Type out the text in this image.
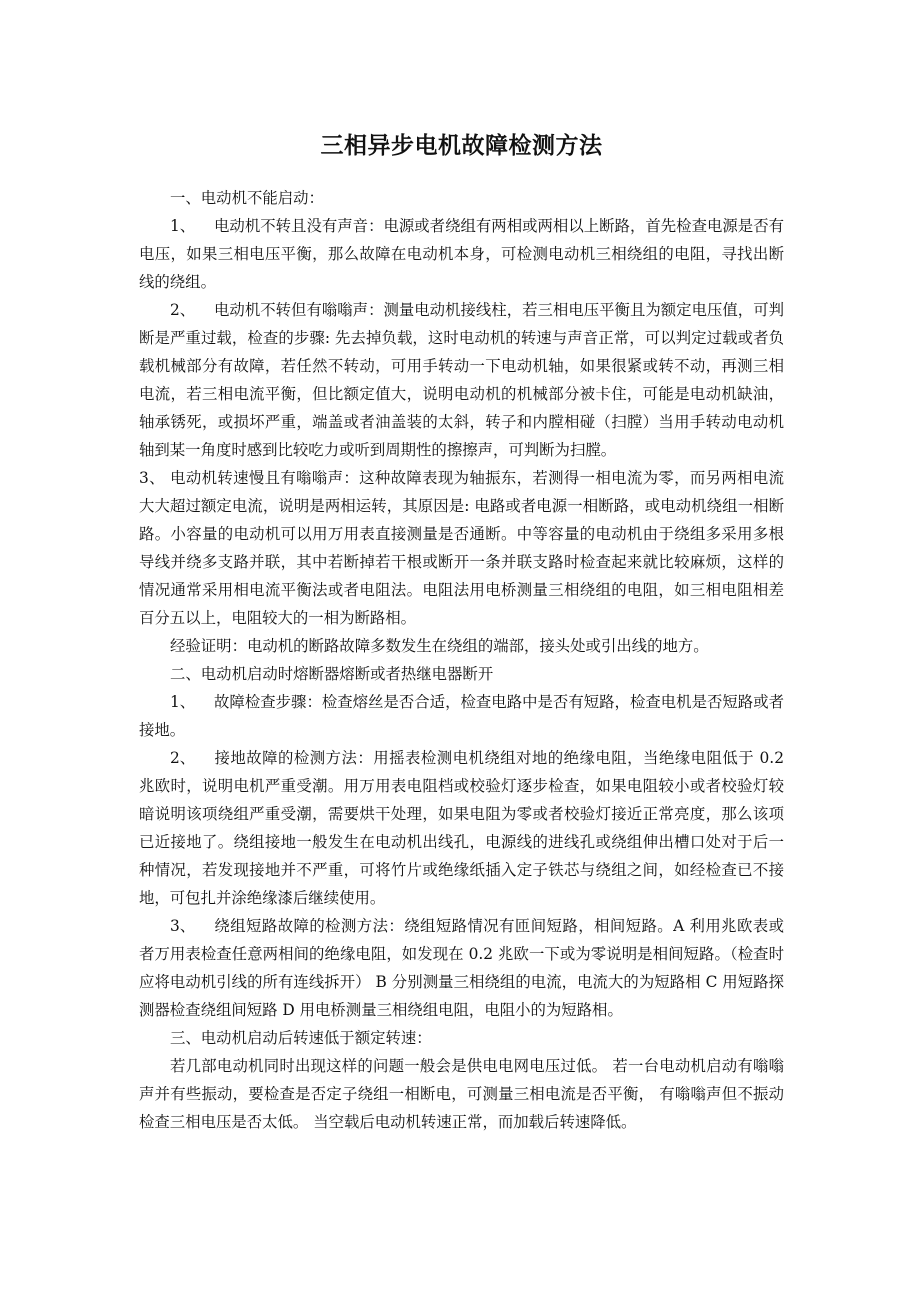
三相异步电机故障检测方法

一、电动机不能启动：

1、 电动机不转且没有声音：电源或者绕组有两相或两相以上断路，首先检查电源是否有电压，如果三相电压平衡，那么故障在电动机本身，可检测电动机三相绕组的电阻，寻找出断线的绕组。

2、 电动机不转但有嗡嗡声：测量电动机接线柱，若三相电压平衡且为额定电压值，可判断是严重过载，检查的步骤: 先去掉负载，这时电动机的转速与声音正常，可以判定过载或者负载机械部分有故障，若任然不转动，可用手转动一下电动机轴，如果很紧或转不动，再测三相电流，若三相电流平衡，但比额定值大，说明电动机的机械部分被卡住，可能是电动机缺油，轴承锈死，或损坏严重，端盖或者油盖装的太斜，转子和内膛相碰（扫膛）当用手转动电动机轴到某一角度时感到比较吃力或听到周期性的擦擦声，可判断为扫膛。

3、 电动机转速慢且有嗡嗡声：这种故障表现为轴振东，若测得一相电流为零，而另两相电流大大超过额定电流，说明是两相运转，其原因是: 电路或者电源一相断路，或电动机绕组一相断路。小容量的电动机可以用万用表直接测量是否通断。中等容量的电动机由于绕组多采用多根导线并绕多支路并联，其中若断掉若干根或断开一条并联支路时检查起来就比较麻烦，这样的情况通常采用相电流平衡法或者电阻法。电阻法用电桥测量三相绕组的电阻，如三相电阻相差百分五以上，电阻较大的一相为断路相。

经验证明：电动机的断路故障多数发生在绕组的端部，接头处或引出线的地方。

二、电动机启动时熔断器熔断或者热继电器断开

1、 故障检查步骤：检查熔丝是否合适，检查电路中是否有短路，检查电机是否短路或者接地。

2、 接地故障的检测方法：用摇表检测电机绕组对地的绝缘电阻，当绝缘电阻低于 0.2 兆欧时，说明电机严重受潮。用万用表电阻档或校验灯逐步检查，如果电阻较小或者校验灯较暗说明该项绕组严重受潮，需要烘干处理，如果电阻为零或者校验灯接近正常亮度，那么该项已近接地了。绕组接地一般发生在电动机出线孔，电源线的进线孔或绕组伸出槽口处对于后一种情况，若发现接地并不严重，可将竹片或绝缘纸插入定子铁芯与绕组之间，如经检查已不接地，可包扎并涂绝缘漆后继续使用。

3、 绕组短路故障的检测方法：绕组短路情况有匝间短路，相间短路。A 利用兆欧表或者万用表检查任意两相间的绝缘电阻，如发现在 0.2 兆欧一下或为零说明是相间短路。（检查时应将电动机引线的所有连线拆开） B 分别测量三相绕组的电流，电流大的为短路相 C 用短路探测器检查绕组间短路 D 用电桥测量三相绕组电阻，电阻小的为短路相。

三、电动机启动后转速低于额定转速：

若几部电动机同时出现这样的问题一般会是供电电网电压过低。 若一台电动机启动有嗡嗡声并有些振动，要检查是否定子绕组一相断电，可测量三相电流是否平衡， 有嗡嗡声但不振动检查三相电压是否太低。 当空载后电动机转速正常，而加载后转速降低。
